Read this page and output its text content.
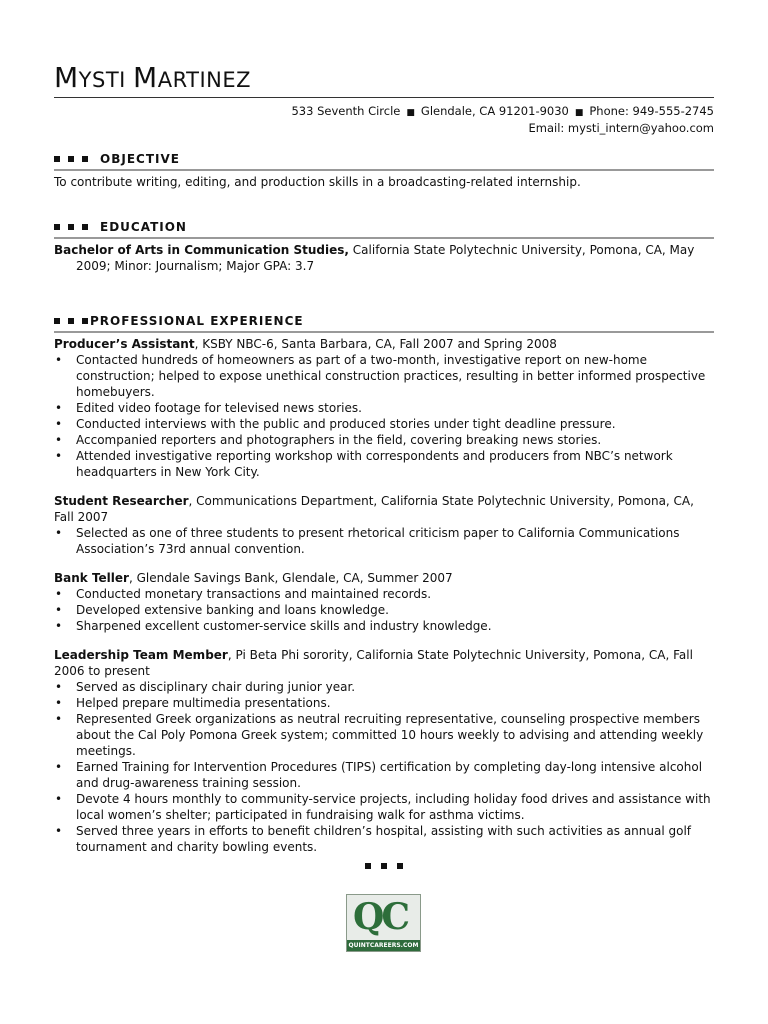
MYSTI MARTINEZ
533 Seventh Circle ■ Glendale, CA 91201-9030 ■ Phone: 949-555-2745
Email: mysti_intern@yahoo.com
OBJECTIVE
To contribute writing, editing, and production skills in a broadcasting-related internship.
EDUCATION
Bachelor of Arts in Communication Studies, California State Polytechnic University, Pomona, CA, May 2009; Minor: Journalism; Major GPA: 3.7
PROFESSIONAL EXPERIENCE
Producer’s Assistant, KSBY NBC-6, Santa Barbara, CA, Fall 2007 and Spring 2008
• Contacted hundreds of homeowners as part of a two-month, investigative report on new-home construction; helped to expose unethical construction practices, resulting in better informed prospective homebuyers.
• Edited video footage for televised news stories.
• Conducted interviews with the public and produced stories under tight deadline pressure.
• Accompanied reporters and photographers in the field, covering breaking news stories.
• Attended investigative reporting workshop with correspondents and producers from NBC’s network headquarters in New York City.
Student Researcher, Communications Department, California State Polytechnic University, Pomona, CA, Fall 2007
• Selected as one of three students to present rhetorical criticism paper to California Communications Association’s 73rd annual convention.
Bank Teller, Glendale Savings Bank, Glendale, CA, Summer 2007
• Conducted monetary transactions and maintained records.
• Developed extensive banking and loans knowledge.
• Sharpened excellent customer-service skills and industry knowledge.
Leadership Team Member, Pi Beta Phi sorority, California State Polytechnic University, Pomona, CA, Fall 2006 to present
• Served as disciplinary chair during junior year.
• Helped prepare multimedia presentations.
• Represented Greek organizations as neutral recruiting representative, counseling prospective members about the Cal Poly Pomona Greek system; committed 10 hours weekly to advising and attending weekly meetings.
• Earned Training for Intervention Procedures (TIPS) certification by completing day-long intensive alcohol and drug-awareness training session.
• Devote 4 hours monthly to community-service projects, including holiday food drives and assistance with local women’s shelter; participated in fundraising walk for asthma victims.
• Served three years in efforts to benefit children’s hospital, assisting with such activities as annual golf tournament and charity bowling events.
QC
QUINTCAREERS.COM
